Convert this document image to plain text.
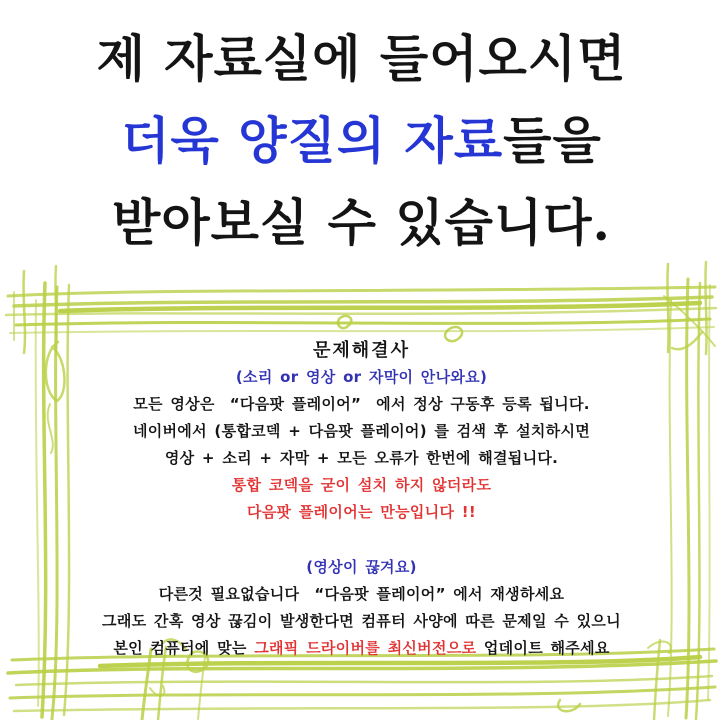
제 자료실에 들어오시면
더욱 양질의 자료 들을
받아보실 수 있습니다.
문제해결사
(소리 or 영상 or 자막이 안나와요)
모든 영상은  “다음팟 플레이어”  에서 정상 구동후 등록 됩니다.
네이버에서 (통합코덱 + 다음팟 플레이어) 를 검색 후 설치하시면
영상 + 소리 + 자막 + 모든 오류가 한번에 해결됩니다.
통합 코덱을 굳이 설치 하지 않더라도
다음팟 플레이어는 만능입니다 !!
(영상이 끊겨요)
다른것 필요없습니다  “다음팟 플레이어” 에서 재생하세요
그래도 간혹 영상 끊김이 발생한다면 컴퓨터 사양에 따른 문제일 수 있으니
본인 컴퓨터에 맞는 그래픽 드라이버를 최신버전으로 업데이트 해주세요
